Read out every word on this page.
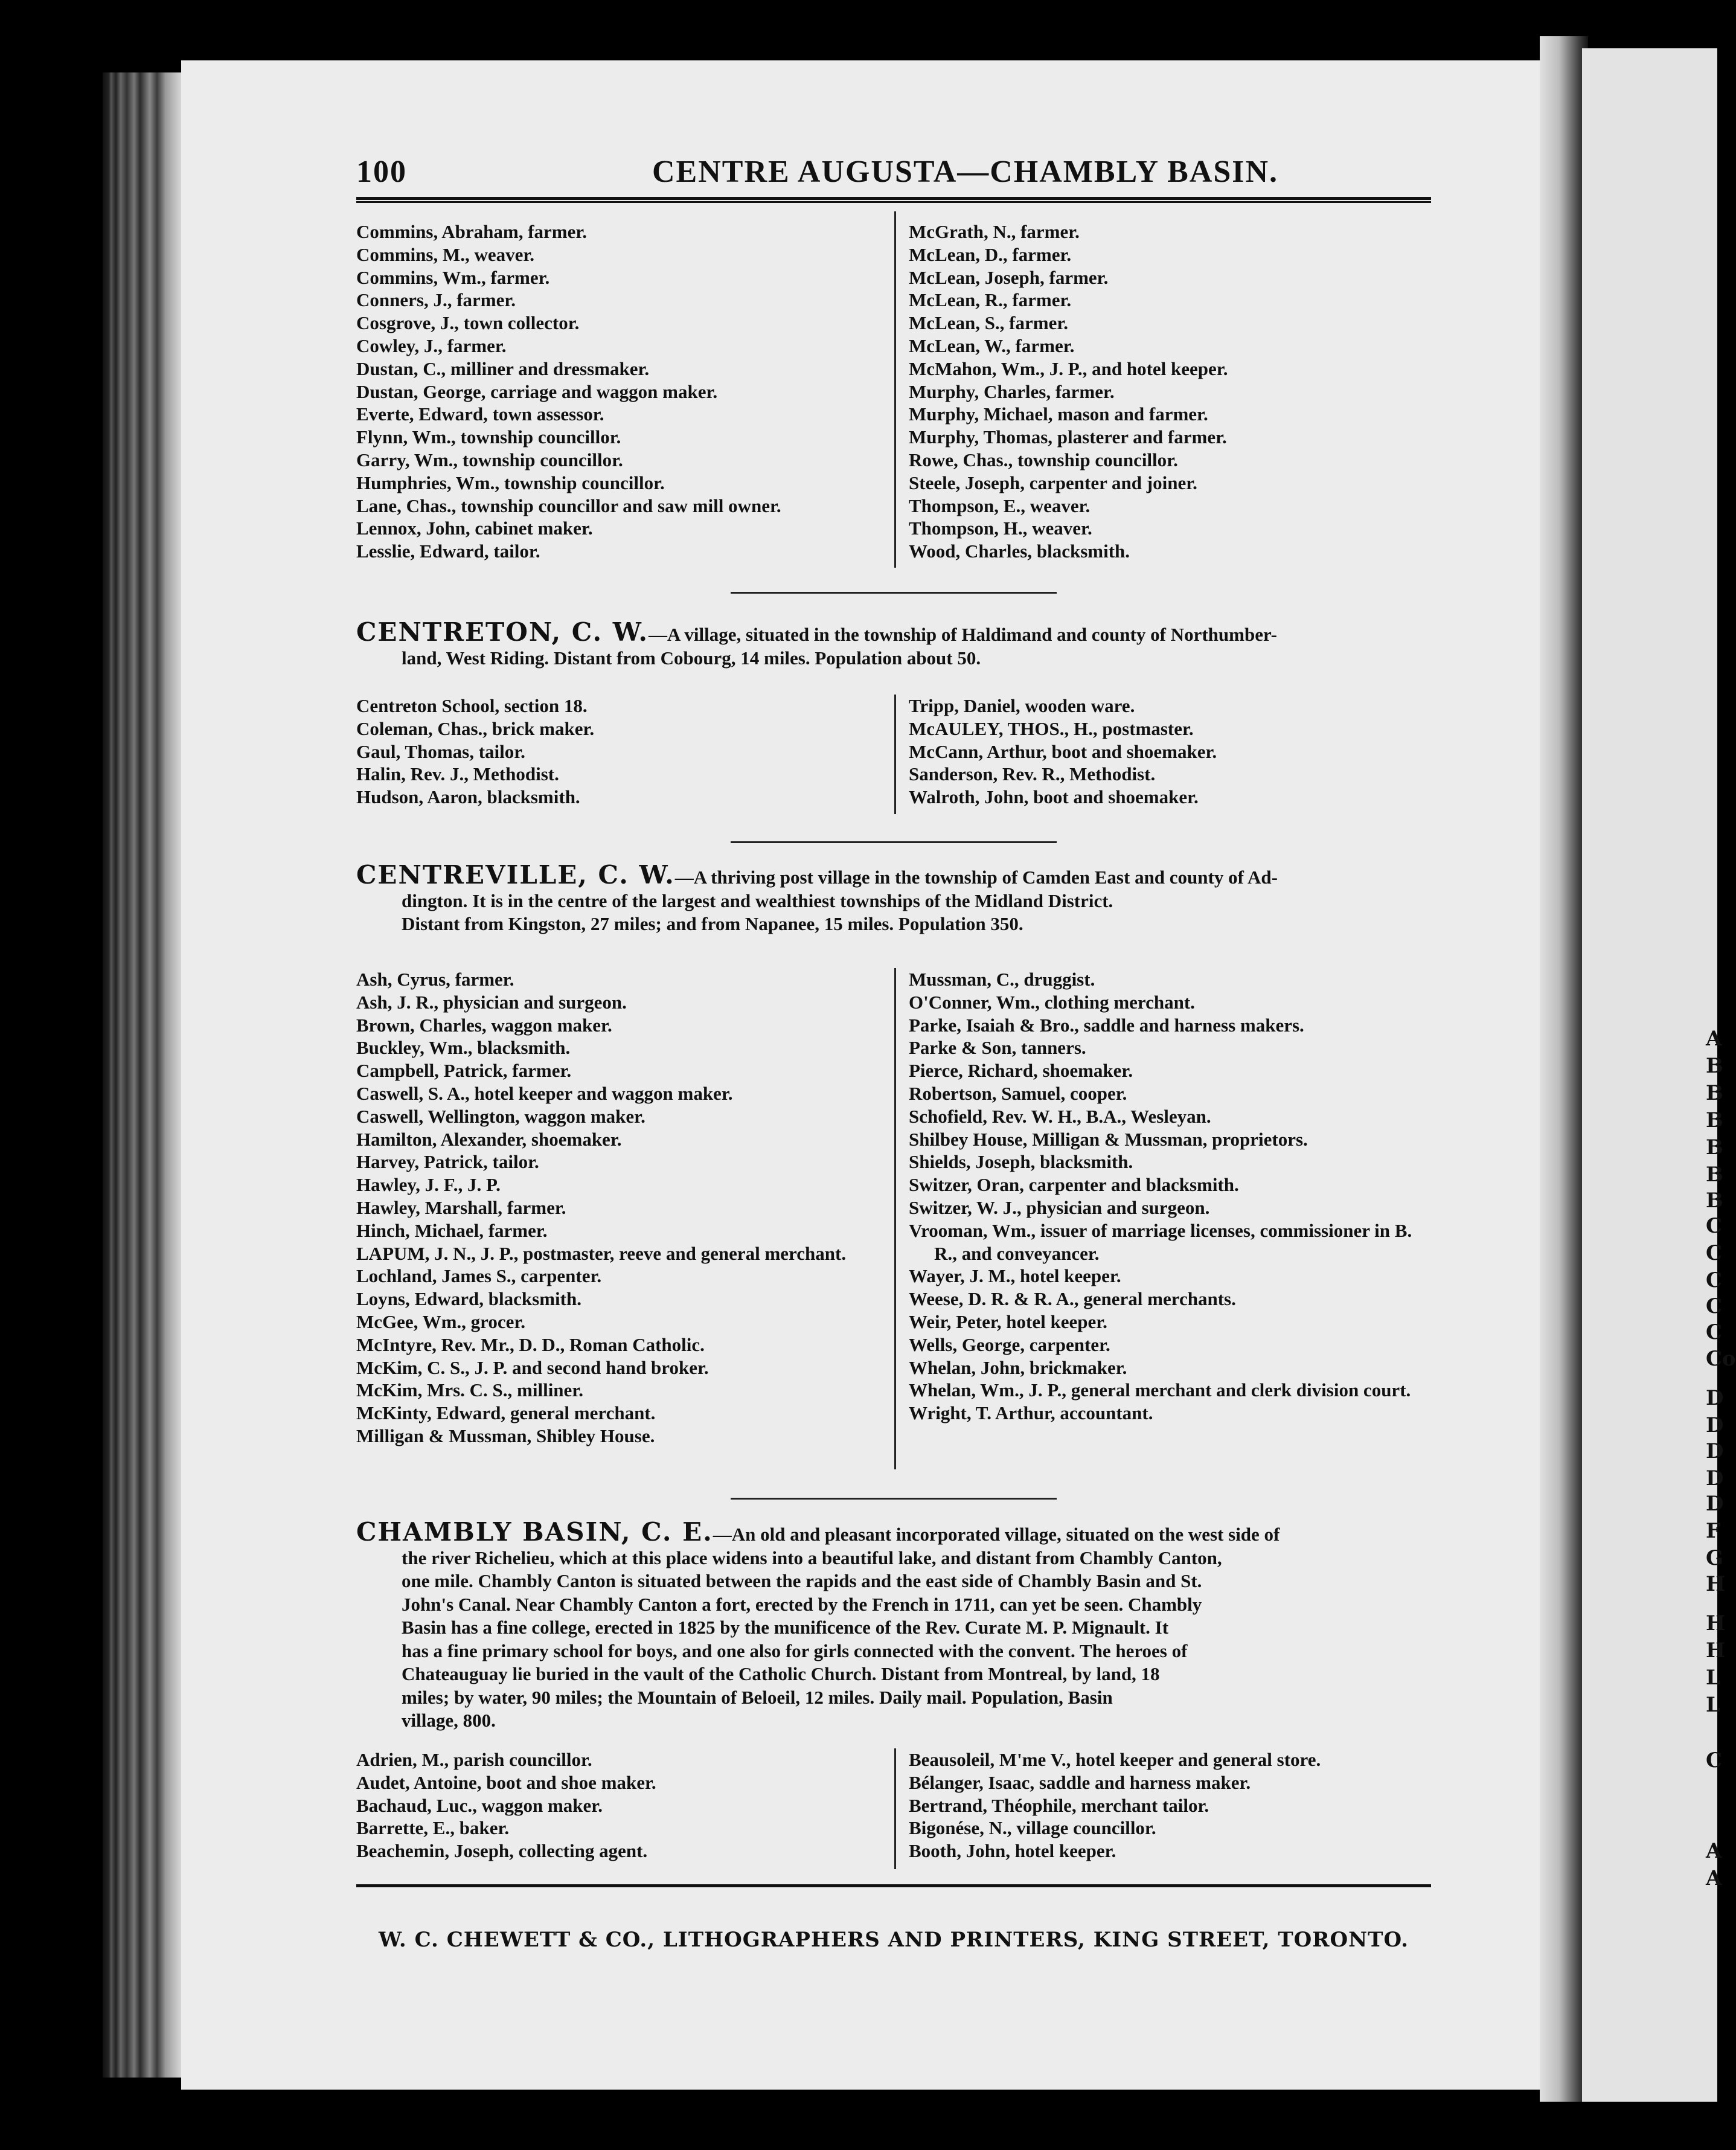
A
B
B
B
B
B
B
C
C
C
C
C
Co
D
D
D
D
D
F
G
H
H
H
L
L
C
A
A
100	CENTRE AUGUSTA—CHAMBLY BASIN.
Commins, Abraham, farmer.
Commins, M., weaver.
Commins, Wm., farmer.
Conners, J., farmer.
Cosgrove, J., town collector.
Cowley, J., farmer.
Dustan, C., milliner and dressmaker.
Dustan, George, carriage and waggon maker.
Everte, Edward, town assessor.
Flynn, Wm., township councillor.
Garry, Wm., township councillor.
Humphries, Wm., township councillor.
Lane, Chas., township councillor and saw mill owner.
Lennox, John, cabinet maker.
Lesslie, Edward, tailor.
McGrath, N., farmer.
McLean, D., farmer.
McLean, Joseph, farmer.
McLean, R., farmer.
McLean, S., farmer.
McLean, W., farmer.
McMahon, Wm., J. P., and hotel keeper.
Murphy, Charles, farmer.
Murphy, Michael, mason and farmer.
Murphy, Thomas, plasterer and farmer.
Rowe, Chas., township councillor.
Steele, Joseph, carpenter and joiner.
Thompson, E., weaver.
Thompson, H., weaver.
Wood, Charles, blacksmith.
CENTRETON, C. W.—A village, situated in the township of Haldimand and county of Northumber-
land, West Riding. Distant from Cobourg, 14 miles. Population about 50.
Centreton School, section 18.
Coleman, Chas., brick maker.
Gaul, Thomas, tailor.
Halin, Rev. J., Methodist.
Hudson, Aaron, blacksmith.
Tripp, Daniel, wooden ware.
McAULEY, THOS., H., postmaster.
McCann, Arthur, boot and shoemaker.
Sanderson, Rev. R., Methodist.
Walroth, John, boot and shoemaker.
CENTREVILLE, C. W.—A thriving post village in the township of Camden East and county of Ad-
dington. It is in the centre of the largest and wealthiest townships of the Midland District.
Distant from Kingston, 27 miles; and from Napanee, 15 miles. Population 350.
Ash, Cyrus, farmer.
Ash, J. R., physician and surgeon.
Brown, Charles, waggon maker.
Buckley, Wm., blacksmith.
Campbell, Patrick, farmer.
Caswell, S. A., hotel keeper and waggon maker.
Caswell, Wellington, waggon maker.
Hamilton, Alexander, shoemaker.
Harvey, Patrick, tailor.
Hawley, J. F., J. P.
Hawley, Marshall, farmer.
Hinch, Michael, farmer.
LAPUM, J. N., J. P., postmaster, reeve and general merchant.
Lochland, James S., carpenter.
Loyns, Edward, blacksmith.
McGee, Wm., grocer.
McIntyre, Rev. Mr., D. D., Roman Catholic.
McKim, C. S., J. P. and second hand broker.
McKim, Mrs. C. S., milliner.
McKinty, Edward, general merchant.
Milligan & Mussman, Shibley House.
Mussman, C., druggist.
O'Conner, Wm., clothing merchant.
Parke, Isaiah & Bro., saddle and harness makers.
Parke & Son, tanners.
Pierce, Richard, shoemaker.
Robertson, Samuel, cooper.
Schofield, Rev. W. H., B.A., Wesleyan.
Shilbey House, Milligan & Mussman, proprietors.
Shields, Joseph, blacksmith.
Switzer, Oran, carpenter and blacksmith.
Switzer, W. J., physician and surgeon.
Vrooman, Wm., issuer of marriage licenses, commissioner in B. R., and conveyancer.
Wayer, J. M., hotel keeper.
Weese, D. R. & R. A., general merchants.
Weir, Peter, hotel keeper.
Wells, George, carpenter.
Whelan, John, brickmaker.
Whelan, Wm., J. P., general merchant and clerk division court.
Wright, T. Arthur, accountant.
CHAMBLY BASIN, C. E.—An old and pleasant incorporated village, situated on the west side of
the river Richelieu, which at this place widens into a beautiful lake, and distant from Chambly Canton,
one mile. Chambly Canton is situated between the rapids and the east side of Chambly Basin and St.
John's Canal. Near Chambly Canton a fort, erected by the French in 1711, can yet be seen. Chambly
Basin has a fine college, erected in 1825 by the munificence of the Rev. Curate M. P. Mignault. It
has a fine primary school for boys, and one also for girls connected with the convent. The heroes of
Chateauguay lie buried in the vault of the Catholic Church. Distant from Montreal, by land, 18
miles; by water, 90 miles; the Mountain of Beloeil, 12 miles. Daily mail. Population, Basin
village, 800.
Adrien, M., parish councillor.
Audet, Antoine, boot and shoe maker.
Bachaud, Luc., waggon maker.
Barrette, E., baker.
Beachemin, Joseph, collecting agent.
Beausoleil, M'me V., hotel keeper and general store.
Bélanger, Isaac, saddle and harness maker.
Bertrand, Théophile, merchant tailor.
Bigonése, N., village councillor.
Booth, John, hotel keeper.
W. C. CHEWETT & CO., LITHOGRAPHERS AND PRINTERS, KING STREET, TORONTO.
